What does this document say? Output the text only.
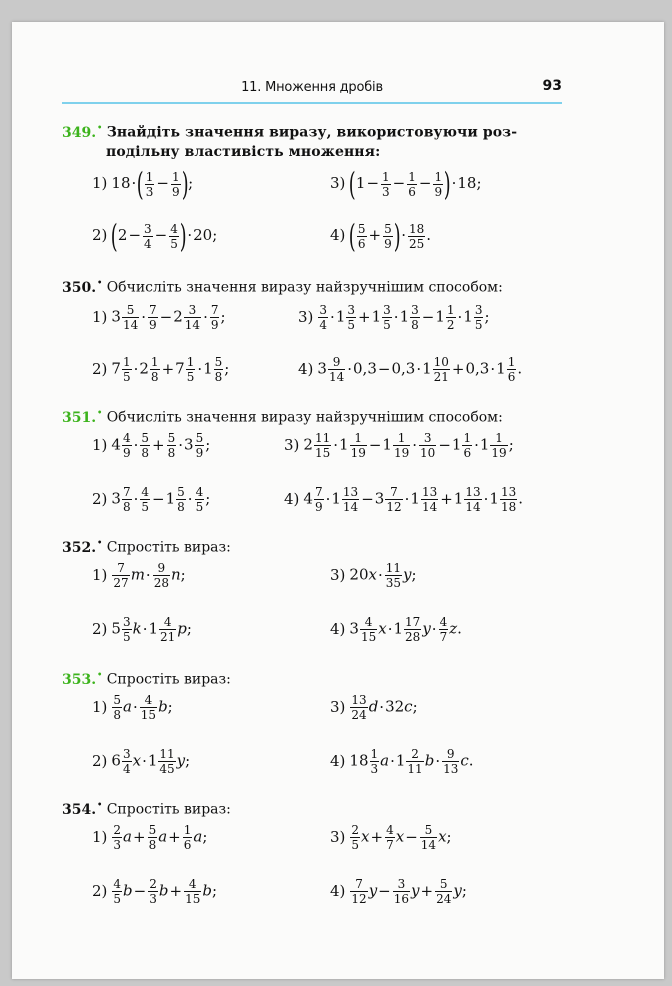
11. Множення дробів	93
349.• Знайдіть значення виразу, використовуючи роз-
подільну властивість множення:
1) $18\cdot( \frac{1}{3} - \frac{1}{9}$ );	3) $(1- \frac{1}{3} - \frac{1}{6} - \frac{1}{9} )\cdot 18$;
2) $(2- \frac{3}{4} - \frac{4}{5} )\cdot 20$;	4) ( $\frac{5}{6} + \frac{5}{9}$ )· $\frac{18}{25}$ .
350.• Обчисліть значення виразу найзручнішим способом:
1) $3 \frac{5}{14} \cdot \frac{7}{9} -2 \frac{3}{14} \cdot \frac{7}{9}$ ;	$3) \frac{3}{4} \cdot 1 \frac{3}{5} +1 \frac{3}{5} \cdot 1 \frac{3}{8} -1 \frac{1}{2} \cdot 1 \frac{3}{5}$ ;
2) $7 \frac{1}{5} \cdot 2 \frac{1}{8} +7 \frac{1}{5} \cdot 1 \frac{5}{8}$ ;	4) $3 \frac{9}{14} \cdot 0,3-0,3\cdot 1 \frac{10}{21} +0,3\cdot 1 \frac{1}{6}$ .
351.• Обчисліть значення виразу найзручнішим способом:
1) $4 \frac{4}{9} \cdot \frac{5}{8} + \frac{5}{8} \cdot 3 \frac{5}{9}$ ;	3) $2 \frac{11}{15} \cdot 1 \frac{1}{19} -1 \frac{1}{19} \cdot \frac{3}{10} -1 \frac{1}{6} \cdot 1 \frac{1}{19}$ ;
2) $3 \frac{7}{8} \cdot \frac{4}{5} -1 \frac{5}{8} \cdot \frac{4}{5}$ ;	4) $4 \frac{7}{9} \cdot 1 \frac{13}{14} -3 \frac{7}{12} \cdot 1 \frac{13}{14} +1 \frac{13}{14} \cdot 1 \frac{13}{18}$ .
352.• Спростіть вираз:
$1) \frac{7}{27} m\cdot \frac{9}{28} n$;	3) $20x\cdot \frac{11}{35} y$;
2) $5 \frac{3}{5} k\cdot 1 \frac{4}{21} p$;	4) $3 \frac{4}{15} x\cdot 1 \frac{17}{28} y\cdot \frac{4}{7} z$.
353.• Спростіть вираз:
$1) \frac{5}{8} a\cdot \frac{4}{15} b$;	$3) \frac{13}{24} d\cdot 32c$;
2) $6 \frac{3}{4} x\cdot 1 \frac{11}{45} y$;	4) $18 \frac{1}{3} a\cdot 1 \frac{2}{11} b\cdot \frac{9}{13} c$.
354.• Спростіть вираз:
$1) \frac{2}{3} a+ \frac{5}{8} a+ \frac{1}{6} a$;	$3) \frac{2}{5} x+ \frac{4}{7} x- \frac{5}{14} x$;
$2) \frac{4}{5} b- \frac{2}{3} b+ \frac{4}{15} b$;	$4) \frac{7}{12} y- \frac{3}{16} y+ \frac{5}{24} y$;
